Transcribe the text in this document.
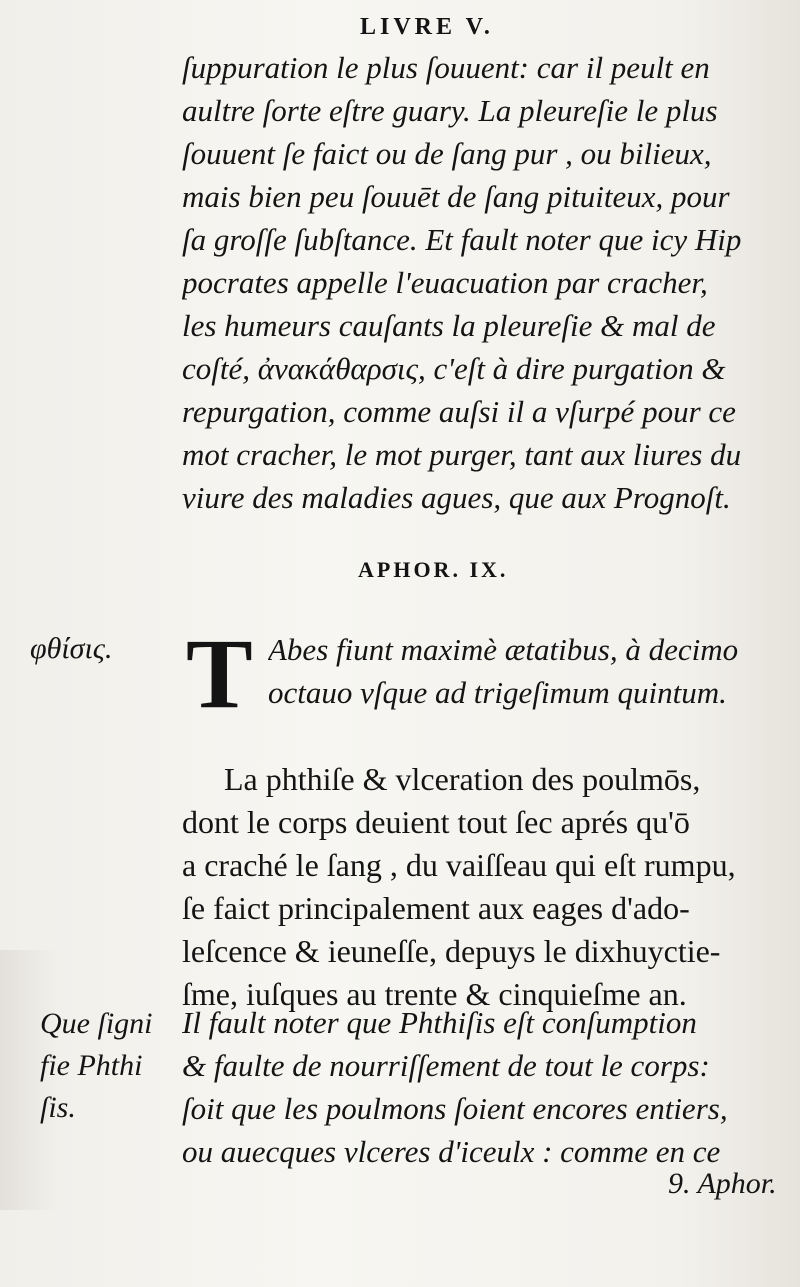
LIVRE V.
ſuppuration le plus ſouuent: car il peult en
aultre ſorte eſtre guary. La pleureſie le plus
ſouuent ſe faict ou de ſang pur , ou bilieux,
mais bien peu ſouuēt de ſang pituiteux, pour
ſa groſſe ſubſtance. Et fault noter que icy Hip
pocrates appelle l'euacuation par cracher,
les humeurs cauſants la pleureſie & mal de
coſté, ἀνακάθαρσις, c'eſt à dire purgation &
repurgation, comme auſsi il a vſurpé pour ce
mot cracher, le mot purger, tant aux liures du
viure des maladies agues, que aux Prognoſt.
APHOR. IX.
φθίσις. T Abes fiunt maximè ætatibus, à decimo
octauo vſque ad trigeſimum quintum.
La phthiſe & vlceration des poulmōs,
dont le corps deuient tout ſec aprés qu'ō
a craché le ſang , du vaiſſeau qui eſt rumpu,
ſe faict principalement aux eages d'ado-
leſcence & ieuneſſe, depuys le dixhuyctie-
ſme, iuſques au trente & cinquieſme an.
Que ſigni
fie Phthi
ſis.
Il fault noter que Phthiſis eſt conſumption
& faulte de nourriſſement de tout le corps:
ſoit que les poulmons ſoient encores entiers,
ou auecques vlceres d'iceulx : comme en ce
9. Aphor.
